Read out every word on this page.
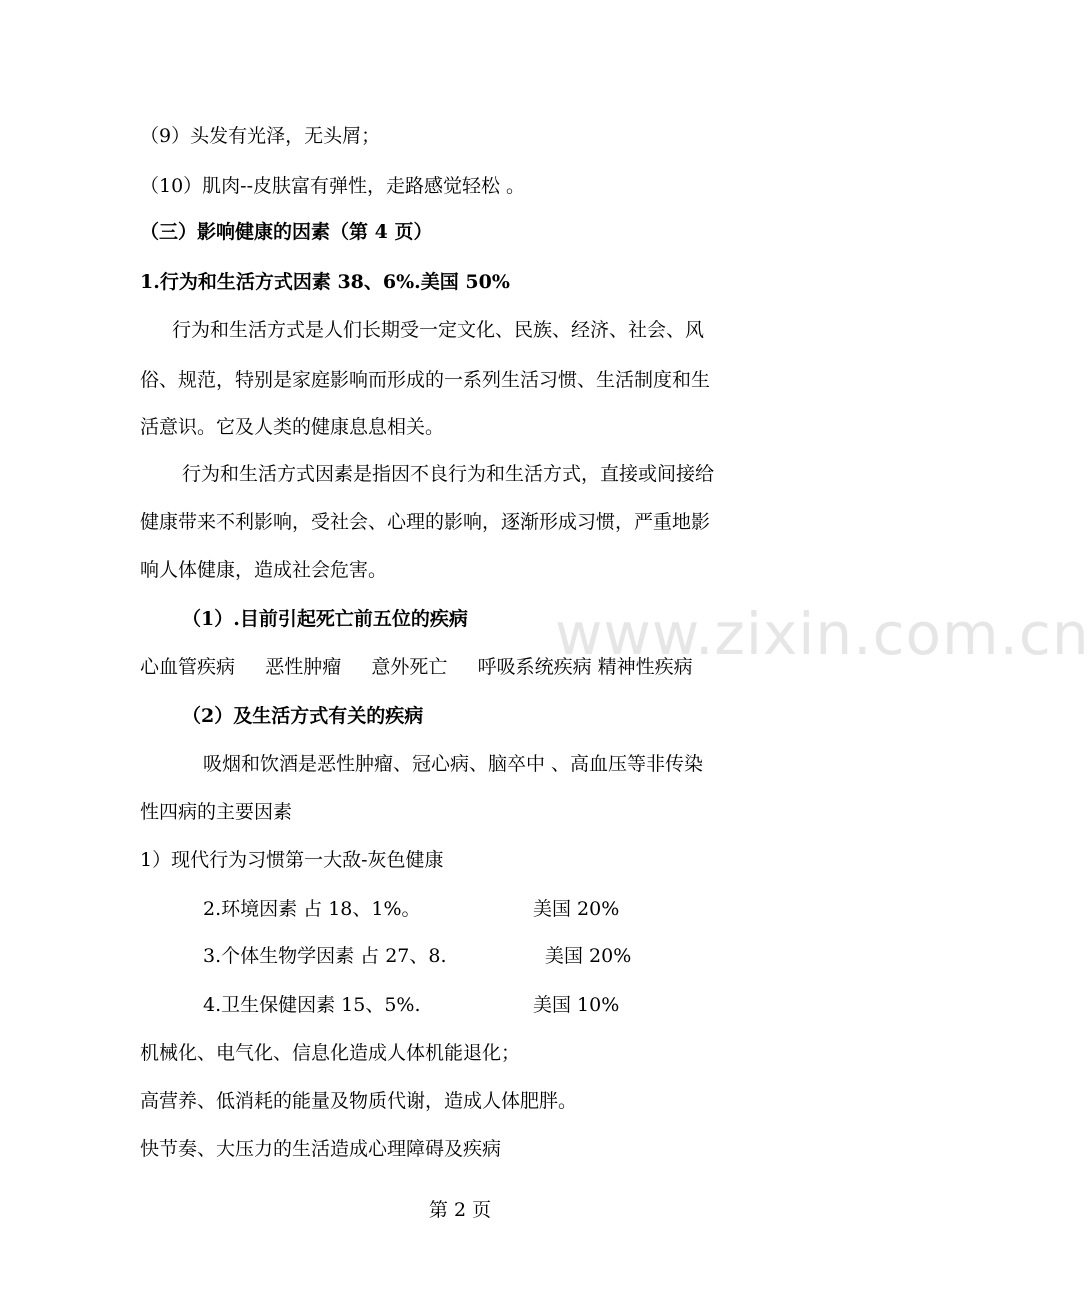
（9）头发有光泽，无头屑；
（10）肌肉--皮肤富有弹性，走路感觉轻松 。
（三）影响健康的因素（第 4 页）
1.行为和生活方式因素 38、6%.美国 50%
行为和生活方式是人们长期受一定文化、民族、经济、社会、风
俗、规范，特别是家庭影响而形成的一系列生活习惯、生活制度和生
活意识。它及人类的健康息息相关。
行为和生活方式因素是指因不良行为和生活方式，直接或间接给
健康带来不利影响，受社会、心理的影响，逐渐形成习惯，严重地影
响人体健康，造成社会危害。
（1）.目前引起死亡前五位的疾病
心血管疾病     恶性肿瘤     意外死亡     呼吸系统疾病 精神性疾病
（2）及生活方式有关的疾病
吸烟和饮酒是恶性肿瘤、冠心病、脑卒中 、高血压等非传染
性四病的主要因素
1）现代行为习惯第一大敌-灰色健康
2.环境因素 占 18、1%。	美国 20%
3.个体生物学因素 占 27、8.	美国 20%
4.卫生保健因素 15、5%.	美国 10%
机械化、电气化、信息化造成人体机能退化；
高营养、低消耗的能量及物质代谢，造成人体肥胖。
快节奏、大压力的生活造成心理障碍及疾病
www.zixin.com.cn
第 2 页
